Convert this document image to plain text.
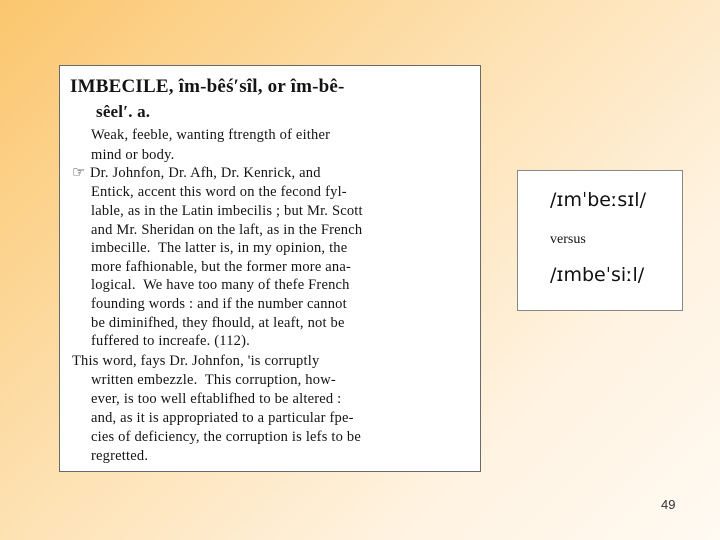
IMBECILE, îm-bêś′sîl, or îm-bê-
sêel′. a.
Weak, feeble, wanting ftrength of either
mind or body.
☞ Dr. Johnfon, Dr. Afh, Dr. Kenrick, and
Entick, accent this word on the fecond fyl-
lable, as in the Latin imbecilis ; but Mr. Scott
and Mr. Sheridan on the laft, as in the French
imbecille.  The latter is, in my opinion, the
more fafhionable, but the former more ana-
logical.  We have too many of thefe French
founding words : and if the number cannot
be diminifhed, they fhould, at leaft, not be
fuffered to increafe. (112).
This word, fays Dr. Johnfon, 'is corruptly
written embezzle.  This corruption, how-
ever, is too well eftablifhed to be altered :
and, as it is appropriated to a particular fpe-
cies of deficiency, the corruption is lefs to be
regretted.
/ɪmˈbeːsɪl/
versus
/ɪmbeˈsiːl/
49
